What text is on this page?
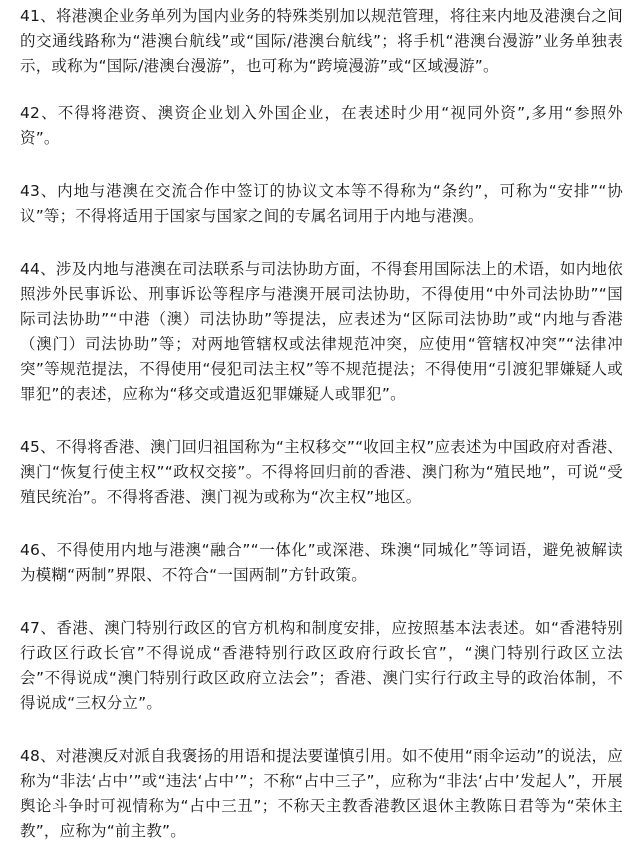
41、将港澳企业务单列为国内业务的特殊类别加以规范管理，将往来内地及港澳台之间的交通线路称为“港澳台航线”或“国际/港澳台航线”；将手机“港澳台漫游”业务单独表示，或称为“国际/港澳台漫游”，也可称为“跨境漫游”或“区域漫游”。

42、不得将港资、澳资企业划入外国企业，在表述时少用“视同外资”,多用“参照外资”。

43、内地与港澳在交流合作中签订的协议文本等不得称为“条约”，可称为“安排”“协议”等；不得将适用于国家与国家之间的专属名词用于内地与港澳。

44、涉及内地与港澳在司法联系与司法协助方面，不得套用国际法上的术语，如内地依照涉外民事诉讼、刑事诉讼等程序与港澳开展司法协助，不得使用“中外司法协助”“国际司法协助”“中港（澳）司法协助”等提法，应表述为“区际司法协助”或“内地与香港（澳门）司法协助”等；对两地管辖权或法律规范冲突，应使用“管辖权冲突”“法律冲突”等规范提法，不得使用“侵犯司法主权”等不规范提法；不得使用“引渡犯罪嫌疑人或罪犯”的表述，应称为“移交或遣返犯罪嫌疑人或罪犯”。

45、不得将香港、澳门回归祖国称为“主权移交”“收回主权”应表述为中国政府对香港、澳门“恢复行使主权”“政权交接”。不得将回归前的香港、澳门称为“殖民地”，可说“受殖民统治”。不得将香港、澳门视为或称为“次主权”地区。

46、不得使用内地与港澳“融合”“一体化”或深港、珠澳“同城化”等词语，避免被解读为模糊“两制”界限、不符合“一国两制”方针政策。

47、香港、澳门特别行政区的官方机构和制度安排，应按照基本法表述。如“香港特别行政区行政长官”不得说成“香港特别行政区政府行政长官”，“澳门特别行政区立法会”不得说成“澳门特别行政区政府立法会”；香港、澳门实行行政主导的政治体制，不得说成“三权分立”。

48、对港澳反对派自我褒扬的用语和提法要谨慎引用。如不使用“雨伞运动”的说法，应称为“非法‘占中’”或“违法‘占中’”；不称“占中三子”，应称为“非法‘占中’发起人”，开展舆论斗争时可视情称为“占中三丑”；不称天主教香港教区退休主教陈日君等为“荣休主教”，应称为“前主教”。
